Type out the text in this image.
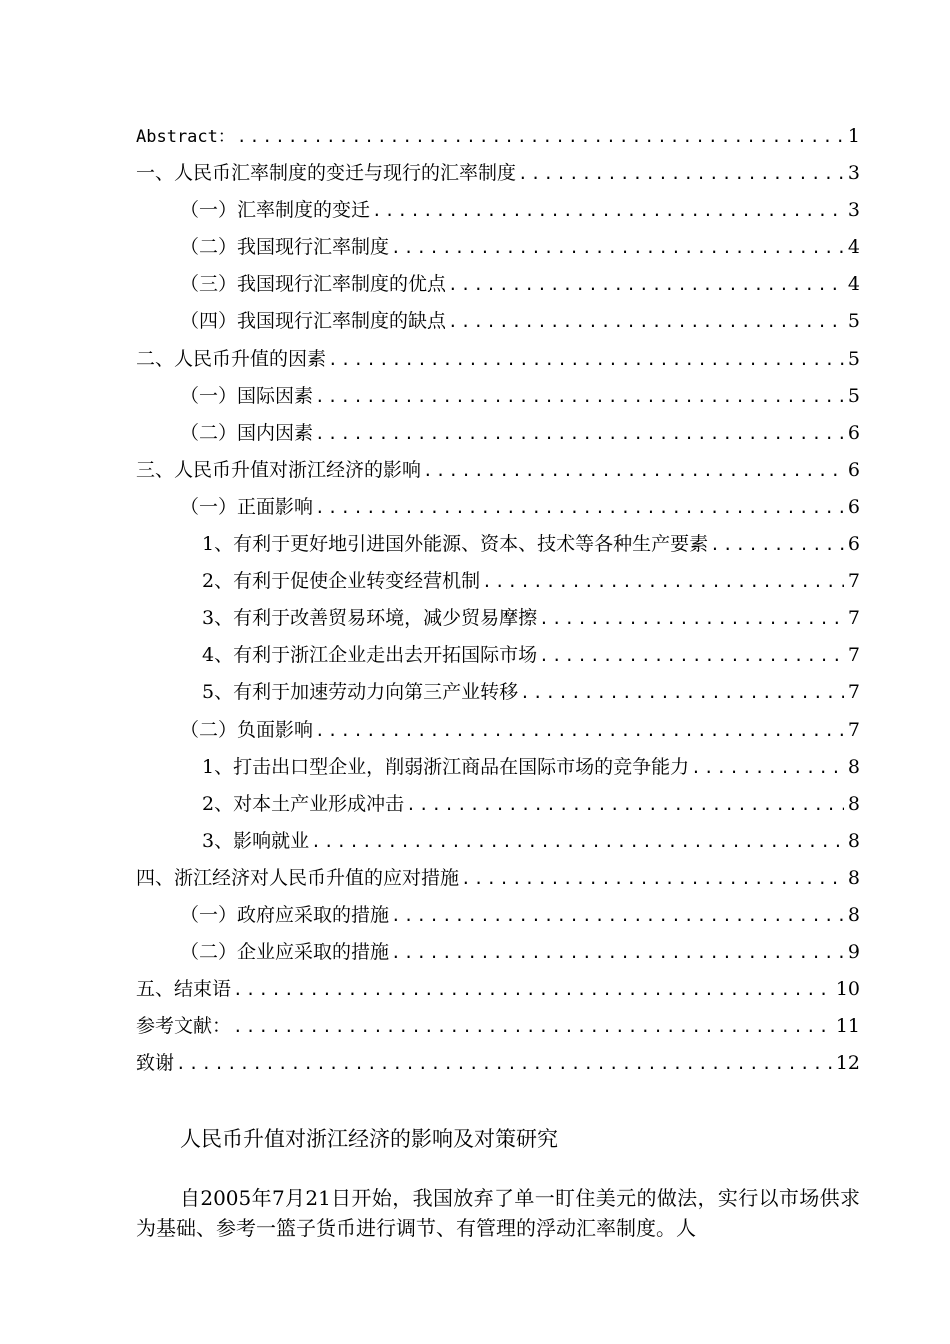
Abstract： .....	1
一、人民币汇率制度的变迁与现行的汇率制度 .....	3
（一）汇率制度的变迁 .....	3
（二）我国现行汇率制度 .....	4
（三）我国现行汇率制度的优点 .....	4
（四）我国现行汇率制度的缺点 .....	5
二、人民币升值的因素 .....	5
（一）国际因素 .....	5
（二）国内因素 .....	6
三、人民币升值对浙江经济的影响 .....	6
（一）正面影响 .....	6
1、有利于更好地引进国外能源、资本、技术等各种生产要素 .....	6
2、有利于促使企业转变经营机制 .....	7
3、有利于改善贸易环境，减少贸易摩擦 .....	7
4、有利于浙江企业走出去开拓国际市场 .....	7
5、有利于加速劳动力向第三产业转移 .....	7
（二）负面影响 .....	7
1、打击出口型企业，削弱浙江商品在国际市场的竞争能力 .....	8
2、对本土产业形成冲击 .....	8
3、影响就业 .....	8
四、浙江经济对人民币升值的应对措施 .....	8
（一）政府应采取的措施 .....	8
（二）企业应采取的措施 .....	9
五、结束语 .....	10
参考文献： .....	11
致谢 .....	12
人民币升值对浙江经济的影响及对策研究

自2005年7月21日开始，我国放弃了单一盯住美元的做法，实行以市场供求为基础、参考一篮子货币进行调节、有管理的浮动汇率制度。人
